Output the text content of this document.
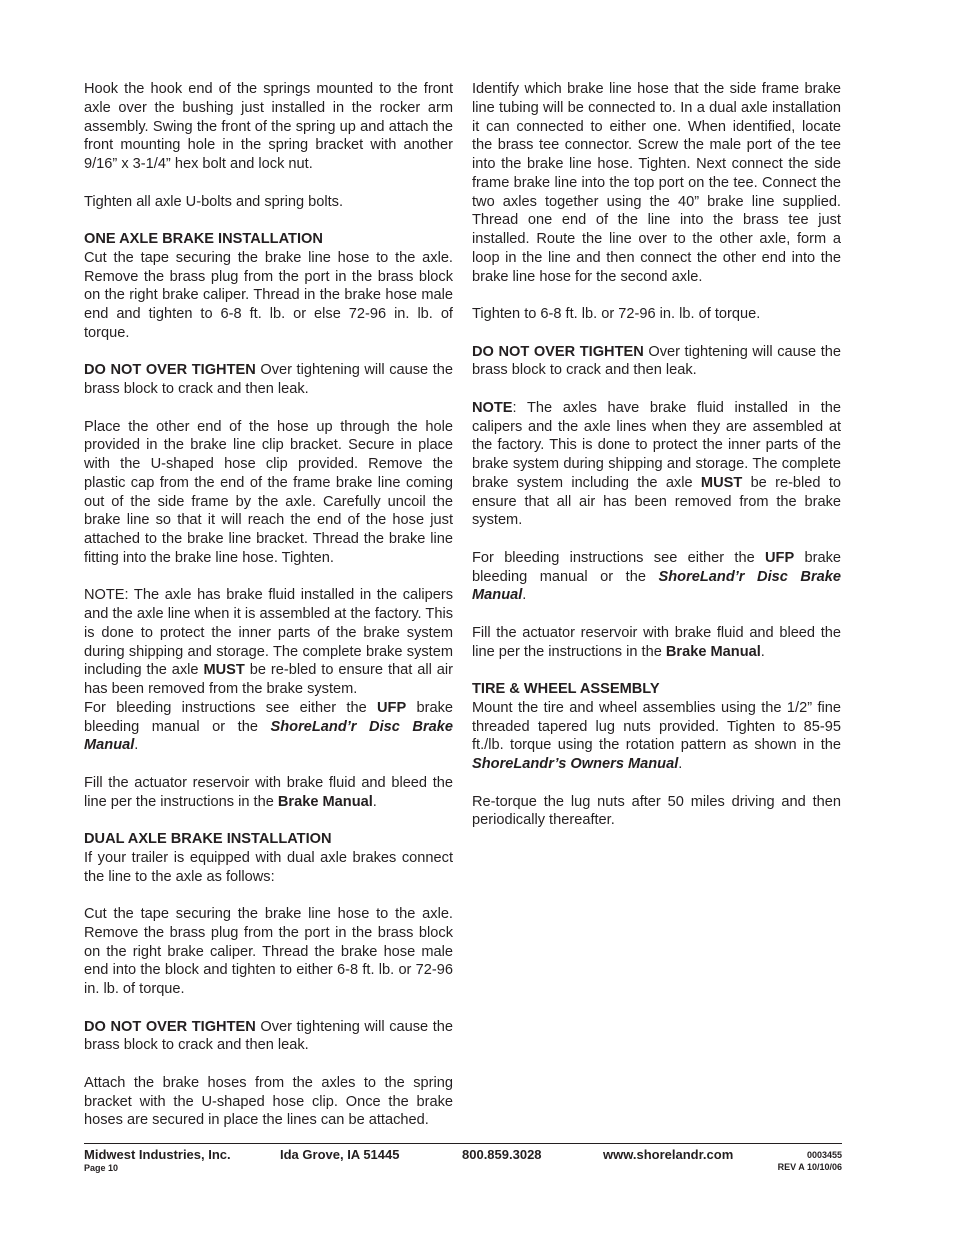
Hook the hook end of the springs mounted to the front axle over the bushing just installed in the rocker arm assembly. Swing the front of the spring up and attach the front mounting hole in the spring bracket with another 9/16” x 3-1/4” hex bolt and lock nut.

Tighten all axle U-bolts and spring bolts.

ONE AXLE BRAKE INSTALLATION

Cut the tape securing the brake line hose to the axle. Remove the brass plug from the port in the brass block on the right brake caliper. Thread in the brake hose male end and tighten to 6-8 ft. lb. or else 72-96 in. lb. of torque.

DO NOT OVER TIGHTEN Over tightening will cause the brass block to crack and then leak.

Place the other end of the hose up through the hole provided in the brake line clip bracket. Secure in place with the U-shaped hose clip provided. Remove the plastic cap from the end of the frame brake line coming out of the side frame by the axle. Carefully uncoil the brake line so that it will reach the end of the hose just attached to the brake line bracket. Thread the brake line fitting into the brake line hose. Tighten.

NOTE: The axle has brake fluid installed in the calipers and the axle line when it is assembled at the factory. This is done to protect the inner parts of the brake system during shipping and storage. The complete brake system including the axle MUST be re-bled to ensure that all air has been removed from the brake system.

For bleeding instructions see either the UFP brake bleeding manual or the ShoreLand’r Disc Brake Manual.

Fill the actuator reservoir with brake fluid and bleed the line per the instructions in the Brake Manual.

DUAL AXLE BRAKE INSTALLATION

If your trailer is equipped with dual axle brakes connect the line to the axle as follows:

Cut the tape securing the brake line hose to the axle. Remove the brass plug from the port in the brass block on the right brake caliper. Thread the brake hose male end into the block and tighten to either 6-8 ft. lb. or 72-96 in. lb. of torque.

DO NOT OVER TIGHTEN Over tightening will cause the brass block to crack and then leak.

Attach the brake hoses from the axles to the spring bracket with the U-shaped hose clip. Once the brake hoses are secured in place the lines can be attached.

Identify which brake line hose that the side frame brake line tubing will be connected to. In a dual axle installation it can connected to either one. When identified, locate the brass tee connector. Screw the male port of the tee into the brake line hose. Tighten. Next connect the side frame brake line into the top port on the tee. Connect the two axles together using the 40” brake line supplied. Thread one end of the line into the brass tee just installed. Route the line over to the other axle, form a loop in the line and then connect the other end into the brake line hose for the second axle.

Tighten to 6-8 ft. lb. or 72-96 in. lb. of torque.

DO NOT OVER TIGHTEN Over tightening will cause the brass block to crack and then leak.

NOTE: The axles have brake fluid installed in the calipers and the axle lines when they are assembled at the factory. This is done to protect the inner parts of the brake system during shipping and storage. The complete brake system including the axle MUST be re-bled to ensure that all air has been removed from the brake system.

For bleeding instructions see either the UFP brake bleeding manual or the ShoreLand’r Disc Brake Manual.

Fill the actuator reservoir with brake fluid and bleed the line per the instructions in the Brake Manual.

TIRE & WHEEL ASSEMBLY

Mount the tire and wheel assemblies using the 1/2” fine threaded tapered lug nuts provided. Tighten to 85-95 ft./lb. torque using the rotation pattern as shown in the ShoreLandr’s Owners Manual.

Re-torque the lug nuts after 50 miles driving and then periodically thereafter.

Midwest Industries, Inc.	Ida Grove, IA 51445	800.859.3028	www.shorelandr.com	0003455
Page 10	REV A 10/10/06
